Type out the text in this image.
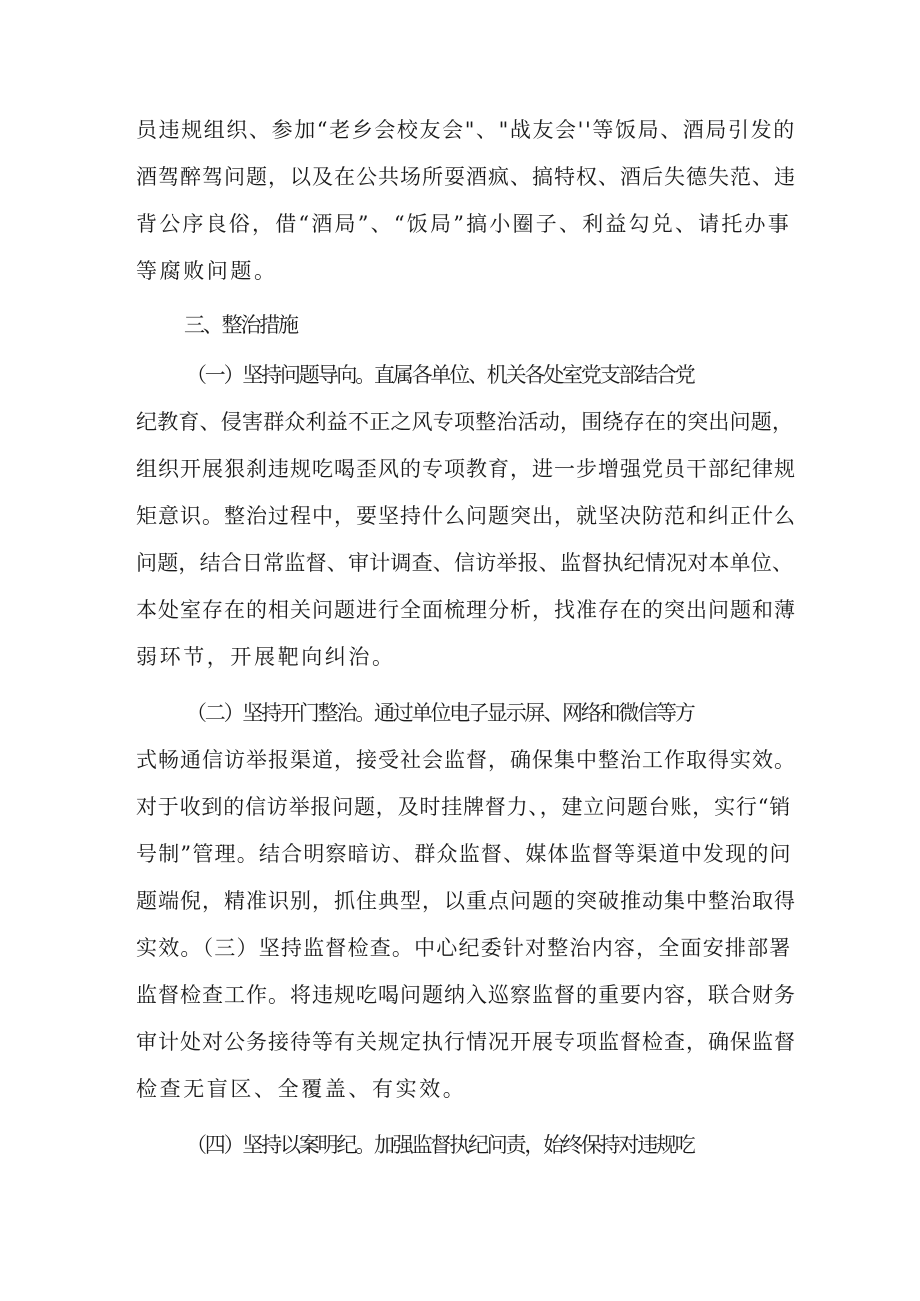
员违规组织、参加“老乡会校友会"、"战友会''等饭局、酒局引发的
酒驾醉驾问题，以及在公共场所耍酒疯、搞特权、酒后失德失范、违
背公序良俗，借“酒局”、“饭局”搞小圈子、利益勾兑、请托办事
等腐败问题。
三、整治措施
（一）坚持问题导向。直属各单位、机关各处室党支部结合党
纪教育、侵害群众利益不正之风专项整治活动，围绕存在的突出问题，
组织开展狠刹违规吃喝歪风的专项教育，进一步增强党员干部纪律规
矩意识。整治过程中，要坚持什么问题突出，就坚决防范和纠正什么
问题，结合日常监督、审计调查、信访举报、监督执纪情况对本单位、
本处室存在的相关问题进行全面梳理分析，找准存在的突出问题和薄
弱环节，开展靶向纠治。
（二）坚持开门整治。通过单位电子显示屏、网络和微信等方
式畅通信访举报渠道，接受社会监督，确保集中整治工作取得实效。
对于收到的信访举报问题，及时挂牌督力、，建立问题台账，实行“销
号制”管理。结合明察暗访、群众监督、媒体监督等渠道中发现的问
题端倪，精准识别，抓住典型，以重点问题的突破推动集中整治取得
实效。（三）坚持监督检查。中心纪委针对整治内容，全面安排部署
监督检查工作。将违规吃喝问题纳入巡察监督的重要内容，联合财务
审计处对公务接待等有关规定执行情况开展专项监督检查，确保监督
检查无盲区、全覆盖、有实效。
（四）坚持以案明纪。加强监督执纪问责，始终保持对违规吃
